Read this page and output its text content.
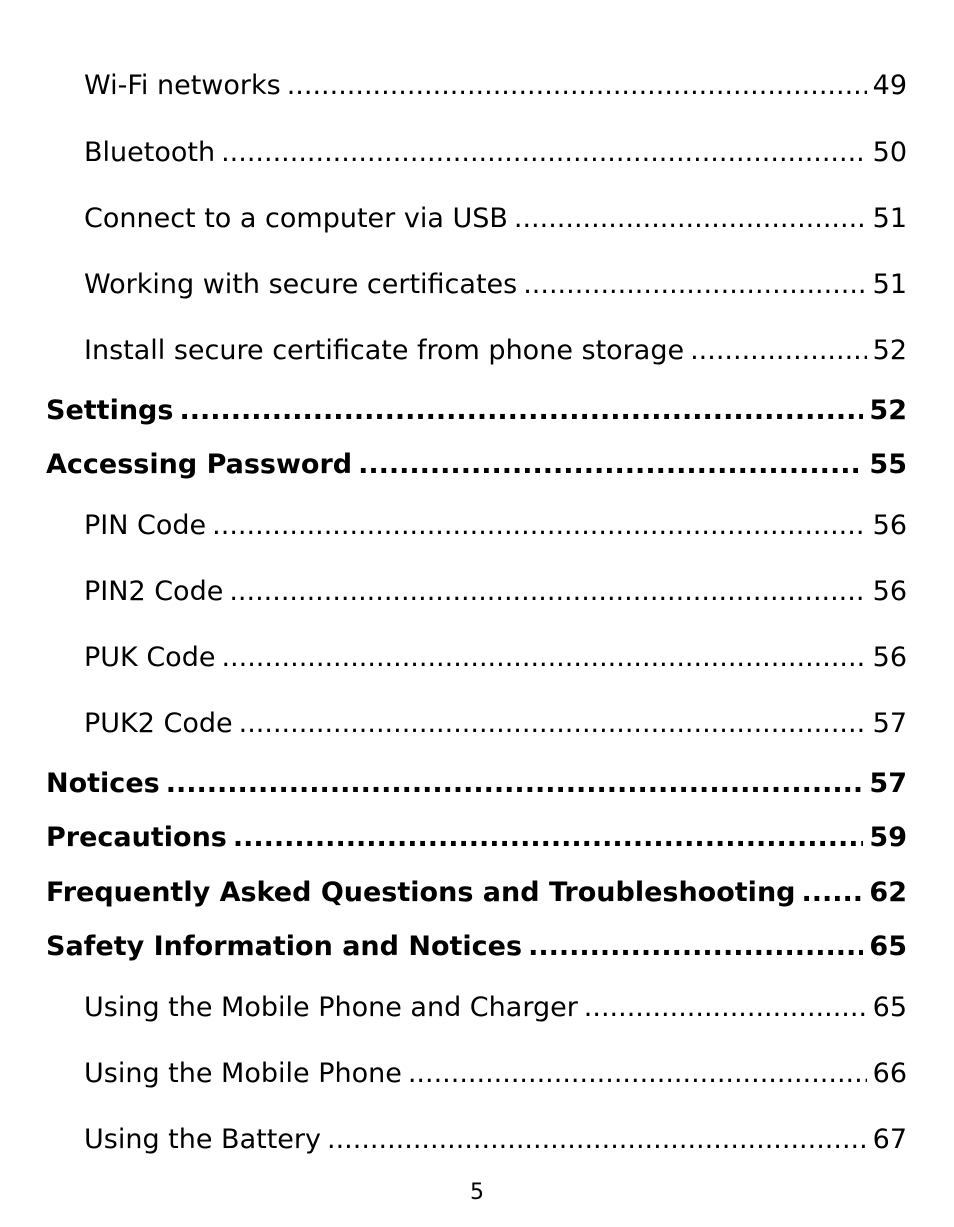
Wi-Fi networks .....	49
Bluetooth .....	50
Connect to a computer via USB .....	51
Working with secure certificates .....	51
Install secure certificate from phone storage .....	52
Settings .....	52
Accessing Password .....	55
PIN Code .....	56
PIN2 Code .....	56
PUK Code .....	56
PUK2 Code .....	57
Notices .....	57
Precautions .....	59
Frequently Asked Questions and Troubleshooting .....	62
Safety Information and Notices .....	65
Using the Mobile Phone and Charger .....	65
Using the Mobile Phone .....	66
Using the Battery .....	67
5
